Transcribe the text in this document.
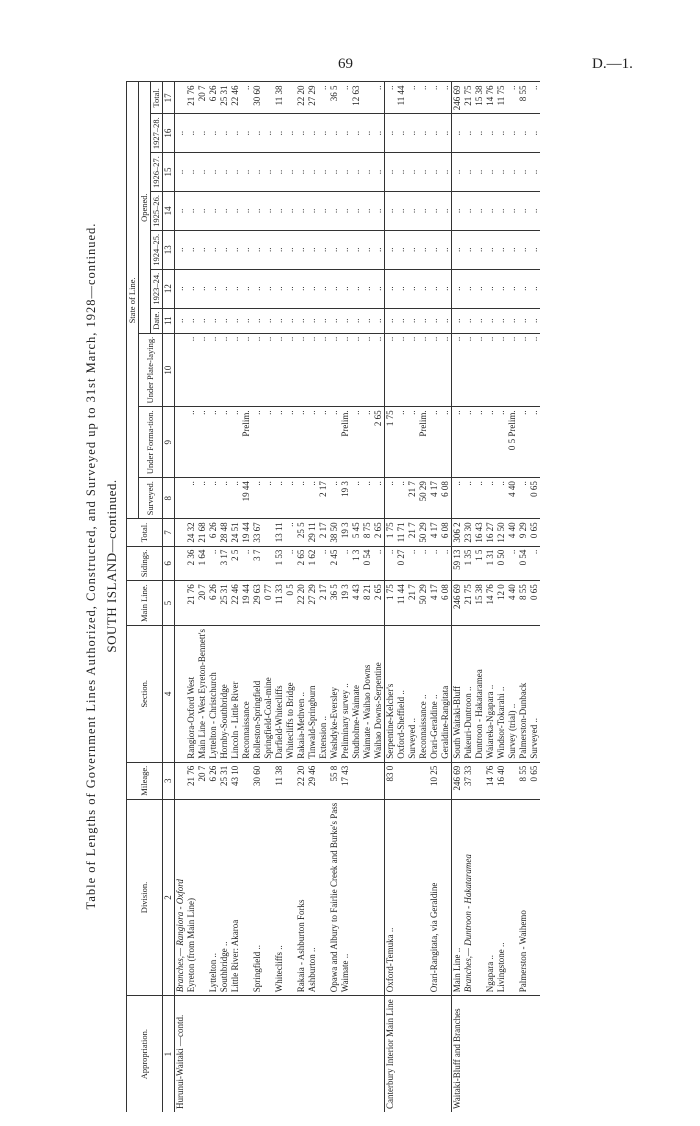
69	D.—1.
Table of Lengths of Government Lines Authorized, Constructed, and Surveyed up to 31st March, 1928—continued. SOUTH ISLAND—continued.
Appropriation.	Division.	Mileage.	Section.	Main Line.	Sidings.	Total.	State of Line.									
							Surveyed.	Under Forma-tion.	Under Plate-laying.	Opened.						
										Date.	1923–24.	1924–25.	1925–26.	1926–27.	1927–28.	Total.
1	2	3	4	5	6	7	8	9	10	11	12	13	14	15	16	17
Hurunui-Waitaki —contd.	Branches,— Rangiora - Oxford									..	..	..	..	..	..	
	Eyreton (from Main Line)	21 76	Rangiora-Oxford West	21 76	2 36	24 32	..	..	..	..	..	..	..	..	..	21 76
		20 7	Main Line - West Eyreton-Bennett's	20 7	1 64	21 68	..	..	..	..	..	..	..	..	..	20 7
	Lyttelton ..	6 26	Lyttelton - Christchurch	6 26	..	6 26	..	..	..	..	..	..	..	..	..	6 26
	Southbridge ..	25 31	Hornby-Southbridge	25 31	3 17	28 48	..	..	..	..	..	..	..	..	..	25 31
	Little River: Akaroa	43 10	Lincoln - Little River	22 46	2 5	24 51	..	..	..	..	..	..	..	..	..	22 46
			Reconnaissance	19 44	..	19 44	19 44	Prelim.	..	..	..	..	..	..	..	..
	Springfield ..	30 60	Rolleston-Springfield	29 63	3 7	33 67	..	..	..	..	..	..	..	..	..	30 60
			Springfield-Coal-mine	0 77			..	..	..	..	..	..	..	..	..	
	Whitecliffs ..	11 38	Darfield-Whitecliffs	11 33	1 53	13 11	..	..	..	..	..	..	..	..	..	11 38
			Whitecliffs to Bridge	0 5	..	..	..	..	..	..	..	..	..	..	..	
	Rakaia - Ashburton Forks	22 20	Rakaia-Methven ..	22 20	2 65	25 5	..	..	..	..	..	..	..	..	..	22 20
	Ashburton ..	29 46	Tinwald-Springburn	27 29	1 62	29 11	..	..	..	..	..	..	..	..	..	27 29
			Extension ..	2 17	..	2 17	2 17	..	..	..	..	..	..	..	..	..
	Opawa and Albury to Fairlie Creek and Burke's Pass	55 8	Washdyke-Eversley	36 5	2 45	38 50	..	..	..	..	..	..	..	..	..	36 5
	Waimate ..	17 43	Preliminary survey ..	19 3	..	19 3	19 3	Prelim.	..	..	..	..	..	..	..	..
			Studholme-Waimate	4 43	1 3	5 45	..	..	..	..	..	..	..	..	..	12 63
			Waimate - Waihao Downs	8 21	0 54	8 75	..	..	..	..	..	..	..	..	..	
			Waihao Downs-Serpentine	2 65	..	2 65	..	2 65	..	..	..	..	..	..	..	..
Canterbury Interior Main Line	Oxford-Temuka ..	83 0	Serpentine-Kelcher's	1 75	..	1 75	..	1 75	..	..	..	..	..	..	..	..
			Oxford-Sheffield ..	11 44	0 27	11 71	..	..	..	..	..	..	..	..	..	11 44
			Surveyed ..	21 7	..	21 7	21 7	..	..	..	..	..	..	..	..	..
			Reconnaissance ..	50 29	..	50 29	50 29	Prelim.	..	..	..	..	..	..	..	..
	Orari-Rangitata, via Geraldine	10 25	Orari-Geraldine ..	4 17	..	4 17	4 17	..	..	..	..	..	..	..	..	..
			Geraldine-Rangitata	6 08	..	6 08	6 08	..	..	..	..	..	..	..	..	..
Waitaki-Bluff and Branches	Main Line ..	246 69	South Waitaki-Bluff	246 69	59 13	306 2	..	..	..	..	..	..	..	..	..	246 69
	Branches,— Duntroon - Hakataramea	37 33	Pukeuri-Duntroon ..	21 75	1 35	23 30	..	..	..	..	..	..	..	..	..	21 75
			Duntroon - Hakataramea	15 38	1 5	16 43	..	..	..	..	..	..	..	..	..	15 38
	Ngapara ..	14 76	Waiareka-Ngapara ..	14 76	1 31	16 27	..	..	..	..	..	..	..	..	..	14 76
	Livingstone ..	16 40	Windsor-Tokarahi ..	12 0	0 50	12 50	..	..	..	..	..	..	..	..	..	11 75
			Survey (trial) ..	4 40	..	4 40	4 40	0 5 Prelim.	..	..	..	..	..	..	..	..
	Palmerston - Waihemo	8 55	Palmerston-Dunback	8 55	0 54	9 29	..	..	..	..	..	..	..	..	..	8 55
		0 65	Surveyed ..	0 65	..	0 65	0 65	..	..	..	..	..	..	..	..	..
